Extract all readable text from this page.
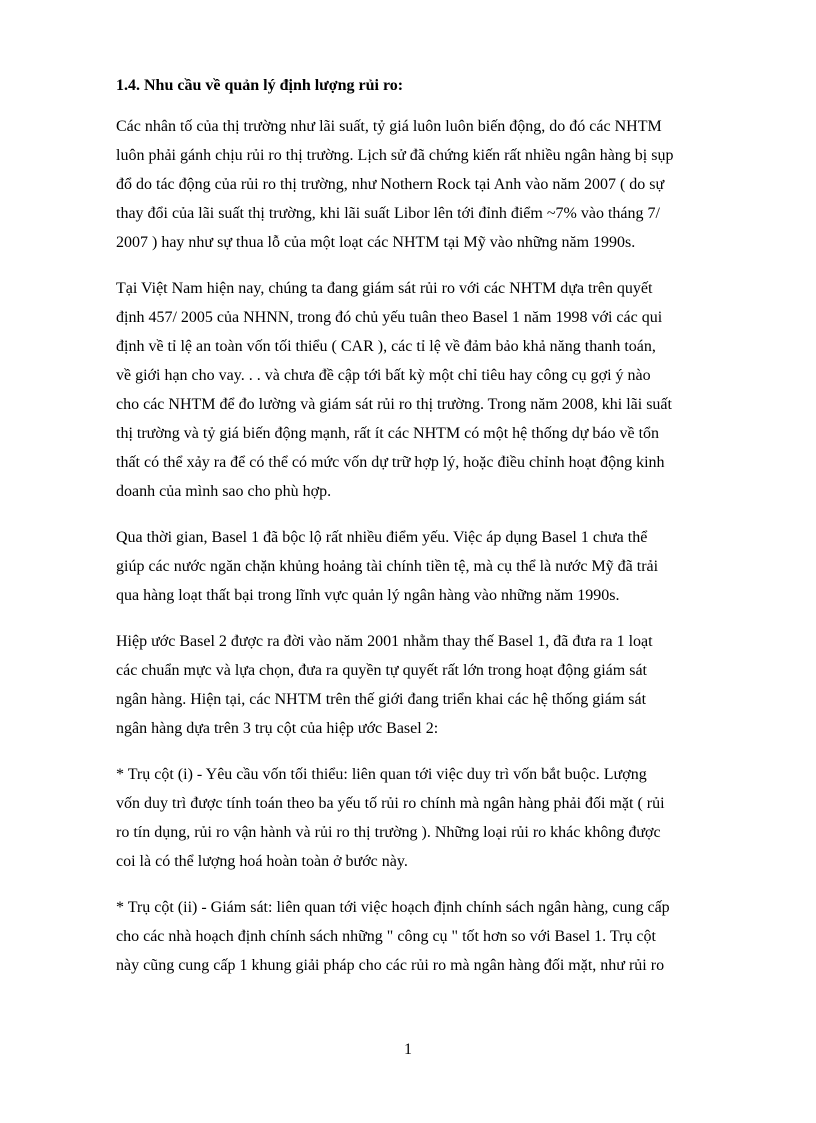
1.4. Nhu cầu về quản lý định lượng rủi ro:
Các nhân tố của thị trường như lãi suất, tỷ giá luôn luôn biến động, do đó các NHTM
luôn phải gánh chịu rủi ro thị trường. Lịch sử đã chứng kiến rất nhiều ngân hàng bị sụp
đổ do tác động của rủi ro thị trường, như Nothern Rock tại Anh vào năm 2007 ( do sự
thay đổi của lãi suất thị trường, khi lãi suất Libor lên tới đỉnh điểm ~7% vào tháng 7/
2007 ) hay như sự thua lỗ của một loạt các NHTM tại Mỹ vào những năm 1990s.
Tại Việt Nam hiện nay, chúng ta đang giám sát rủi ro với các NHTM dựa trên quyết
định 457/ 2005 của NHNN, trong đó chủ yếu tuân theo Basel 1 năm 1998 với các qui
định về tỉ lệ an toàn vốn tối thiểu ( CAR ), các tỉ lệ về đảm bảo khả năng thanh toán,
về giới hạn cho vay. . . và chưa đề cập tới bất kỳ một chỉ tiêu hay công cụ gợi ý nào
cho các NHTM để đo lường và giám sát rủi ro thị trường. Trong năm 2008, khi lãi suất
thị trường và tỷ giá biến động mạnh, rất ít các NHTM có một hệ thống dự báo về tổn
thất có thể xảy ra để có thể có mức vốn dự trữ hợp lý, hoặc điều chỉnh hoạt động kinh
doanh của mình sao cho phù hợp.
Qua thời gian, Basel 1 đã bộc lộ rất nhiều điểm yếu. Việc áp dụng Basel 1 chưa thể
giúp các nước ngăn chặn khủng hoảng tài chính tiền tệ, mà cụ thể là nước Mỹ đã trải
qua hàng loạt thất bại trong lĩnh vực quản lý ngân hàng vào những năm 1990s.
Hiệp ước Basel 2 được ra đời vào năm 2001 nhằm thay thế Basel 1, đã đưa ra 1 loạt
các chuẩn mực và lựa chọn, đưa ra quyền tự quyết rất lớn trong hoạt động giám sát
ngân hàng. Hiện tại, các NHTM trên thế giới đang triển khai các hệ thống giám sát
ngân hàng dựa trên 3 trụ cột của hiệp ước Basel 2:
* Trụ cột (i) - Yêu cầu vốn tối thiểu: liên quan tới việc duy trì vốn bắt buộc. Lượng
vốn duy trì được tính toán theo ba yếu tố rủi ro chính mà ngân hàng phải đối mặt ( rủi
ro tín dụng, rủi ro vận hành và rủi ro thị trường ). Những loại rủi ro khác không được
coi là có thể lượng hoá hoàn toàn ở bước này.
* Trụ cột (ii) - Giám sát: liên quan tới việc hoạch định chính sách ngân hàng, cung cấp
cho các nhà hoạch định chính sách những " công cụ " tốt hơn so với Basel 1. Trụ cột
này cũng cung cấp 1 khung giải pháp cho các rủi ro mà ngân hàng đối mặt, như rủi ro
1
